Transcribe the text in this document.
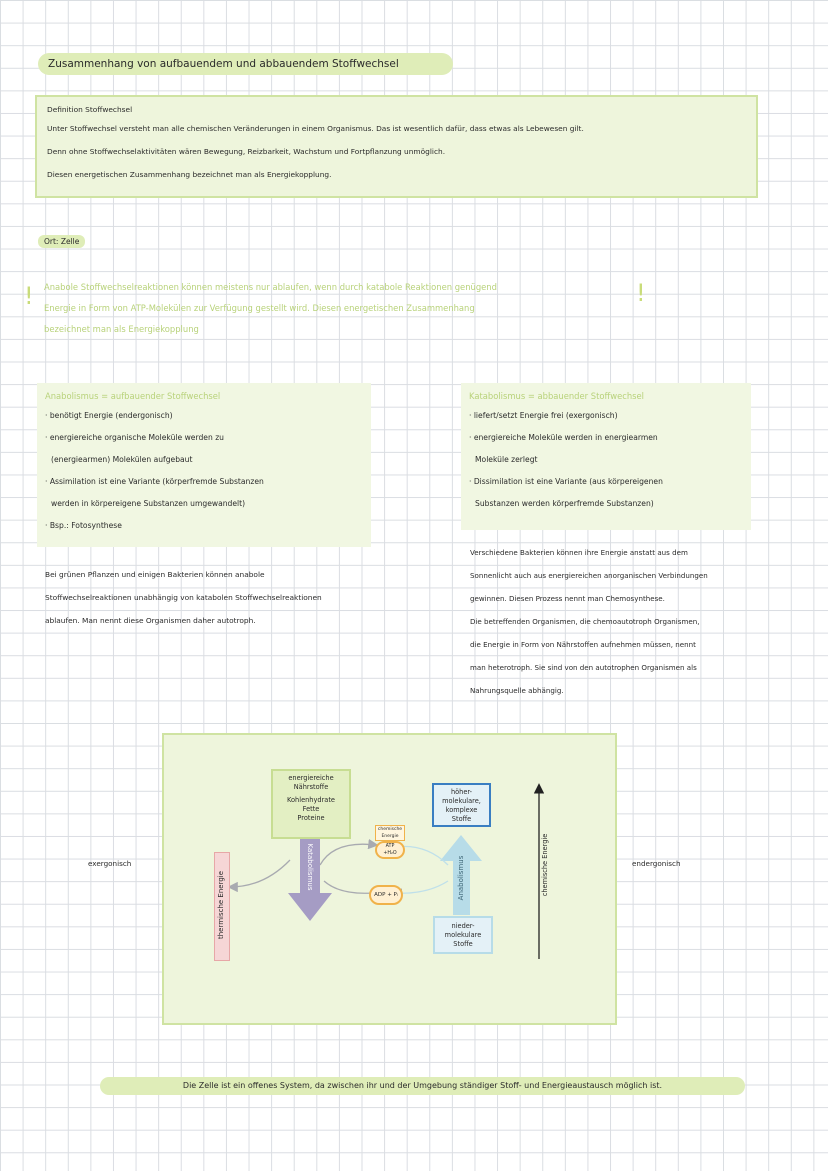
Zusammenhang von aufbauendem und abbauendem Stoffwechsel
Definition Stoffwechsel
Unter Stoffwechsel versteht man alle chemischen Veränderungen in einem Organismus. Das ist wesentlich dafür, dass etwas als Lebewesen gilt.
Denn ohne Stoffwechselaktivitäten wären Bewegung, Reizbarkeit, Wachstum und Fortpflanzung unmöglich.
Diesen energetischen Zusammenhang bezeichnet man als Energiekopplung.
Ort: Zelle
!	!
Anabole Stoffwechselreaktionen können meistens nur ablaufen, wenn durch katabole Reaktionen genügend
Energie in Form von ATP-Molekülen zur Verfügung gestellt wird. Diesen energetischen Zusammenhang
bezeichnet man als Energiekopplung
Anabolismus = aufbauender Stoffwechsel
· benötigt Energie (endergonisch)
· energiereiche organische Moleküle werden zu
(energiearmen) Molekülen aufgebaut
· Assimilation ist eine Variante (körperfremde Substanzen
werden in körpereigene Substanzen umgewandelt)
· Bsp.: Fotosynthese
Katabolismus = abbauender Stoffwechsel
· liefert/setzt Energie frei (exergonisch)
· energiereiche Moleküle werden in energiearmen
Moleküle zerlegt
· Dissimilation ist eine Variante (aus körpereigenen
Substanzen werden körperfremde Substanzen)
Bei grünen Pflanzen und einigen Bakterien können anabole
Stoffwechselreaktionen unabhängig von katabolen Stoffwechselreaktionen
ablaufen. Man nennt diese Organismen daher autotroph.
Verschiedene Bakterien können ihre Energie anstatt aus dem
Sonnenlicht auch aus energiereichen anorganischen Verbindungen
gewinnen. Diesen Prozess nennt man Chemosynthese.
Die betreffenden Organismen, die chemoautotroph Organismen,
die Energie in Form von Nährstoffen aufnehmen müssen, nennt
man heterotroph. Sie sind von den autotrophen Organismen als
Nahrungsquelle abhängig.
exergonisch	endergonisch
energiereiche
Nährstoffe
Kohlenhydrate
Fette
Proteine
Katabolismus	Anabolismus
thermische Energie
chemische
Energie
ATP
+H₂O
ADP + Pᵢ
höher-
molekulare,
komplexe
Stoffe
nieder-
molekulare
Stoffe
chemische Energie
Die Zelle ist ein offenes System, da zwischen ihr und der Umgebung ständiger Stoff- und Energieaustausch möglich ist.
